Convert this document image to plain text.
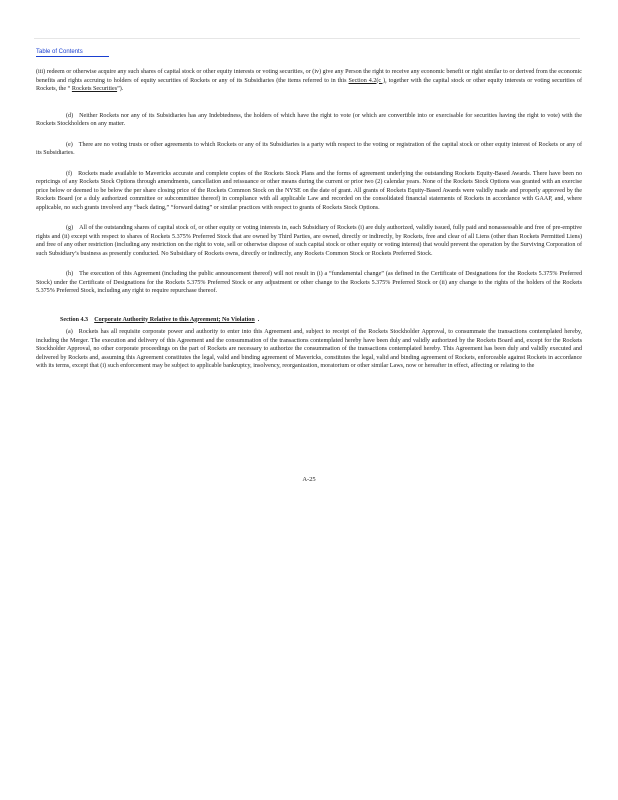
Table of Contents

(iii) redeem or otherwise acquire any such shares of capital stock or other equity interests or voting securities, or (iv) give any Person the right to receive any economic benefit or right similar to or derived from the economic benefits and rights accruing to holders of equity securities of Rockets or any of its Subsidiaries (the items referred to in this Section 4.2(c ), together with the capital stock or other equity interests or voting securities of Rockets, the “ Rockets Securities”).

(d) Neither Rockets nor any of its Subsidiaries has any Indebtedness, the holders of which have the right to vote (or which are convertible into or exercisable for securities having the right to vote) with the Rockets Stockholders on any matter.

(e) There are no voting trusts or other agreements to which Rockets or any of its Subsidiaries is a party with respect to the voting or registration of the capital stock or other equity interest of Rockets or any of its Subsidiaries.

(f) Rockets made available to Mavericks accurate and complete copies of the Rockets Stock Plans and the forms of agreement underlying the outstanding Rockets Equity-Based Awards. There have been no repricings of any Rockets Stock Options through amendments, cancellation and reissuance or other means during the current or prior two (2) calendar years. None of the Rockets Stock Options was granted with an exercise price below or deemed to be below the per share closing price of the Rockets Common Stock on the NYSE on the date of grant. All grants of Rockets Equity-Based Awards were validly made and properly approved by the Rockets Board (or a duly authorized committee or subcommittee thereof) in compliance with all applicable Law and recorded on the consolidated financial statements of Rockets in accordance with GAAP, and, where applicable, no such grants involved any “back dating,” “forward dating” or similar practices with respect to grants of Rockets Stock Options.

(g) All of the outstanding shares of capital stock of, or other equity or voting interests in, each Subsidiary of Rockets (i) are duly authorized, validly issued, fully paid and nonassessable and free of pre-emptive rights and (ii) except with respect to shares of Rockets 5.375% Preferred Stock that are owned by Third Parties, are owned, directly or indirectly, by Rockets, free and clear of all Liens (other than Rockets Permitted Liens) and free of any other restriction (including any restriction on the right to vote, sell or otherwise dispose of such capital stock or other equity or voting interest) that would prevent the operation by the Surviving Corporation of such Subsidiary’s business as presently conducted. No Subsidiary of Rockets owns, directly or indirectly, any Rockets Common Stock or Rockets Preferred Stock.

(h) The execution of this Agreement (including the public announcement thereof) will not result in (i) a “fundamental change” (as defined in the Certificate of Designations for the Rockets 5.375% Preferred Stock) under the Certificate of Designations for the Rockets 5.375% Preferred Stock or any adjustment or other change to the Rockets 5.375% Preferred Stock or (ii) any change to the rights of the holders of the Rockets 5.375% Preferred Stock, including any right to require repurchase thereof.

Section 4.3 Corporate Authority Relative to this Agreement; No Violation .

(a) Rockets has all requisite corporate power and authority to enter into this Agreement and, subject to receipt of the Rockets Stockholder Approval, to consummate the transactions contemplated hereby, including the Merger. The execution and delivery of this Agreement and the consummation of the transactions contemplated hereby have been duly and validly authorized by the Rockets Board and, except for the Rockets Stockholder Approval, no other corporate proceedings on the part of Rockets are necessary to authorize the consummation of the transactions contemplated hereby. This Agreement has been duly and validly executed and delivered by Rockets and, assuming this Agreement constitutes the legal, valid and binding agreement of Mavericks, constitutes the legal, valid and binding agreement of Rockets, enforceable against Rockets in accordance with its terms, except that (i) such enforcement may be subject to applicable bankruptcy, insolvency, reorganization, moratorium or other similar Laws, now or hereafter in effect, affecting or relating to the

A-25
